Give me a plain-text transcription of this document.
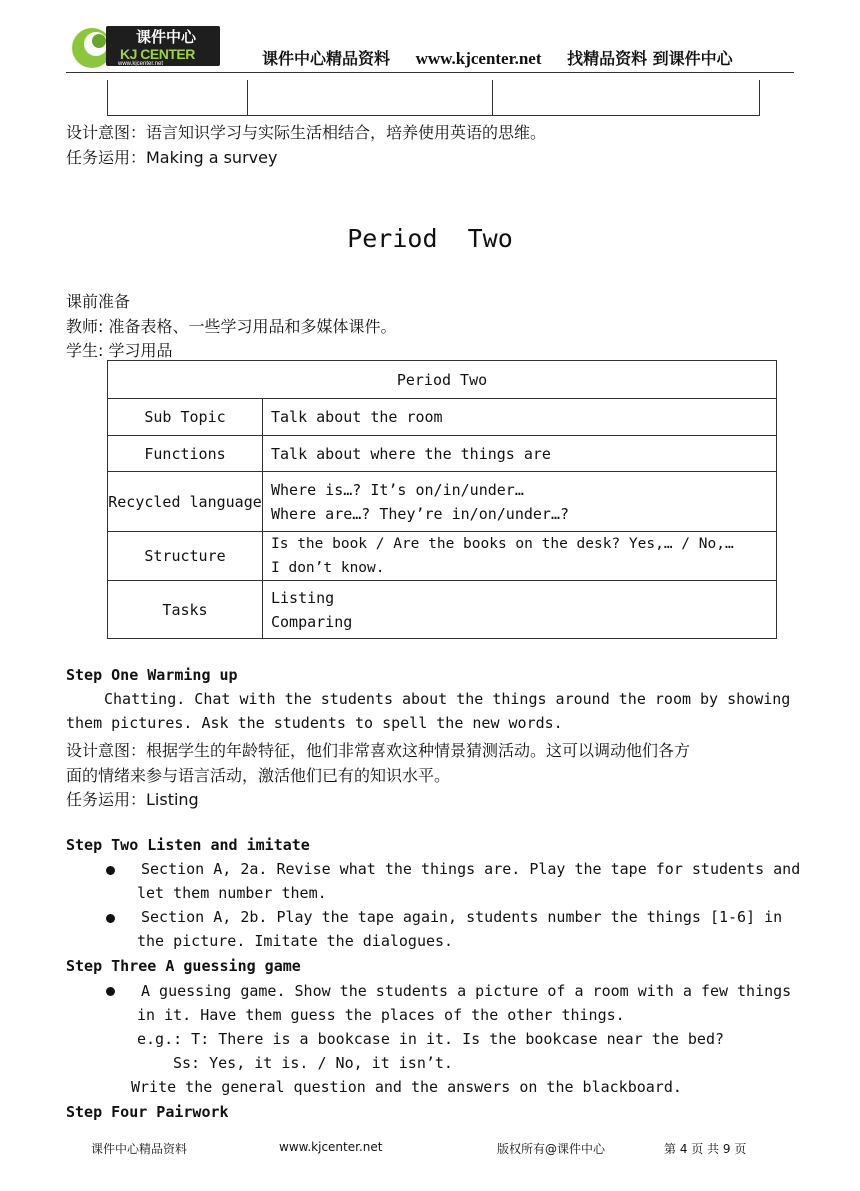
课件中心
KJ CENTER
www.kjcenter.net	课件中心精品资料 www.kjcenter.net 找精品资料 到课件中心
设计意图：语言知识学习与实际生活相结合，培养使用英语的思维。
任务运用：Making a survey
Period  Two
课前准备
教师: 准备表格、一些学习用品和多媒体课件。
学生: 学习用品
Period Two	
Sub Topic	Talk about the room
Functions	Talk about where the things are
Recycled language	Where is…? It’s on/in/under…
Where are…? They’re in/on/under…?

Structure	Is the book / Are the books on the desk? Yes,… / No,…
I don’t know.

Tasks	Listing
Comparing
Step One Warming up
Chatting. Chat with the students about the things around the room by showing
them pictures. Ask the students to spell the new words.
设计意图：根据学生的年龄特征，他们非常喜欢这种情景猜测活动。这可以调动他们各方
面的情绪来参与语言活动，激活他们已有的知识水平。
任务运用：Listing
Step Two Listen and imitate
Section A, 2a. Revise what the things are. Play the tape for students and
let them number them.
Section A, 2b. Play the tape again, students number the things [1-6] in
the picture. Imitate the dialogues.
Step Three A guessing game
A guessing game. Show the students a picture of a room with a few things
in it. Have them guess the places of the other things.
e.g.: T: There is a bookcase in it. Is the bookcase near the bed?
Ss: Yes, it is. / No, it isn’t.
Write the general question and the answers on the blackboard.
Step Four Pairwork
课件中心精品资料	www.kjcenter.net	版权所有@课件中心	第 4 页 共 9 页
